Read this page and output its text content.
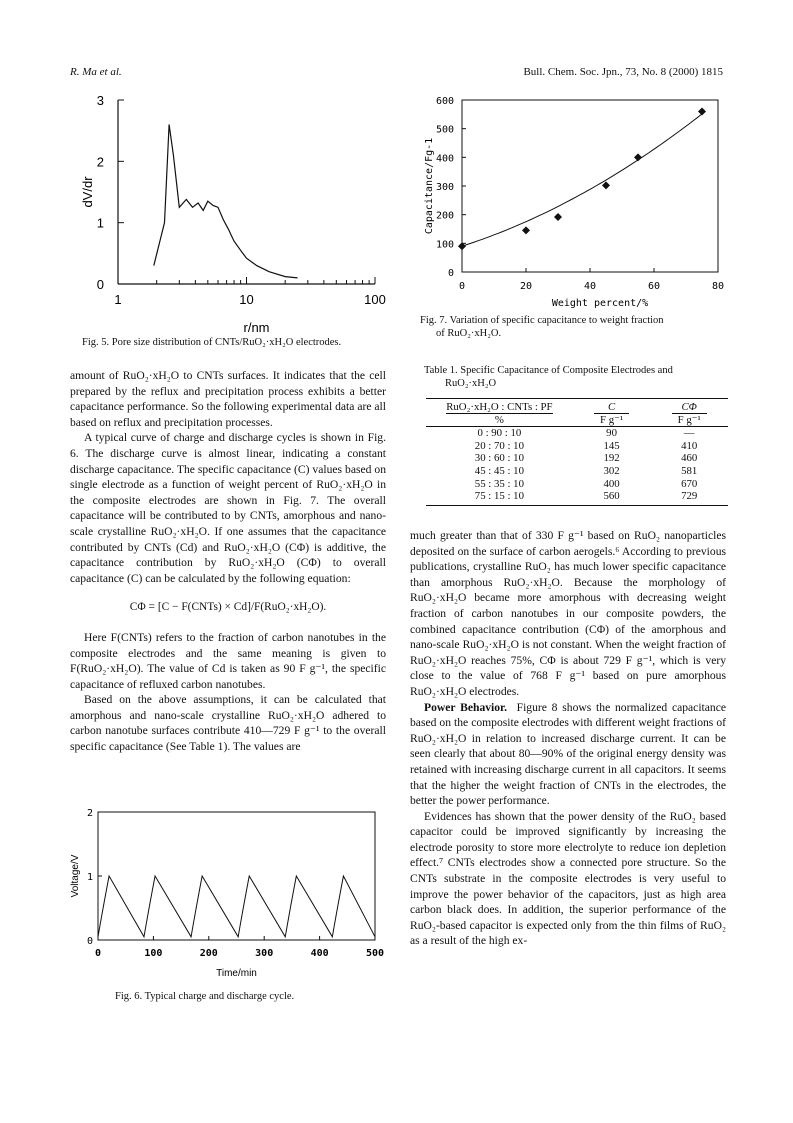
R. Ma et al.	Bull. Chem. Soc. Jpn., 73, No. 8 (2000) 1815
0
1
2
3
1	10	100
dV/dr
r/nm
Fig. 5. Pore size distribution of CNTs/RuO₂·xH₂O electrodes.
0
100
200
300
400
500
600
0	20	40	60	80
Capacitance/Fg-1
Weight percent/%
Fig. 7. Variation of specific capacitance to weight fraction
of RuO₂·xH₂O.
Table 1. Specific Capacitance of Composite Electrodes and
RuO₂·xH₂O
RuO₂·xH₂O : CNTs : PF	C	CΦ
%	F g⁻¹	F g⁻¹

0 : 90 : 10	90	—
20 : 70 : 10	145	410
30 : 60 : 10	192	460
45 : 45 : 10	302	581
55 : 35 : 10	400	670
75 : 15 : 10	560	729

amount of RuO₂·xH₂O to CNTs surfaces. It indicates that the cell prepared by the reflux and precipitation process exhibits a better capacitance performance. So the following experimental data are all based on reflux and precipitation processes.

A typical curve of charge and discharge cycles is shown in Fig. 6. The discharge curve is almost linear, indicating a constant discharge capacitance. The specific capacitance (C) values based on single electrode as a function of weight percent of RuO₂·xH₂O in the composite electrodes are shown in Fig. 7. The overall capacitance will be contributed to by CNTs, amorphous and nano-scale crystalline RuO₂·xH₂O. If one assumes that the capacitance contributed by CNTs (Cd) and RuO₂·xH₂O (CΦ) is additive, the capacitance contribution by RuO₂·xH₂O (CΦ) to overall capacitance (C) can be calculated by the following equation:

CΦ = [C − F(CNTs) × Cd]/F(RuO₂·xH₂O).

Here F(CNTs) refers to the fraction of carbon nanotubes in the composite electrodes and the same meaning is given to F(RuO₂·xH₂O). The value of Cd is taken as 90 F g⁻¹, the specific capacitance of refluxed carbon nanotubes.

Based on the above assumptions, it can be calculated that amorphous and nano-scale crystalline RuO₂·xH₂O adhered to carbon nanotube surfaces contribute 410—729 F g⁻¹ to the overall specific capacitance (See Table 1). The values are

0
1
2
0	100	200	300	400	500
Voltage/V
Time/min
Fig. 6. Typical charge and discharge cycle.

much greater than that of 330 F g⁻¹ based on RuO₂ nanoparticles deposited on the surface of carbon aerogels.⁶ According to previous publications, crystalline RuO₂ has much lower specific capacitance than amorphous RuO₂·xH₂O. Because the morphology of RuO₂·xH₂O became more amorphous with decreasing weight fraction of carbon nanotubes in our composite powders, the combined capacitance contribution (CΦ) of the amorphous and nano-scale RuO₂·xH₂O is not constant. When the weight fraction of RuO₂·xH₂O reaches 75%, CΦ is about 729 F g⁻¹, which is very close to the value of 768 F g⁻¹ based on pure amorphous RuO₂·xH₂O electrodes.

Power Behavior. Figure 8 shows the normalized capacitance based on the composite electrodes with different weight fractions of RuO₂·xH₂O in relation to increased discharge current. It can be seen clearly that about 80—90% of the original energy density was retained with increasing discharge current in all capacitors. It seems that the higher the weight fraction of CNTs in the electrodes, the better the power performance.

Evidences has shown that the power density of the RuO₂ based capacitor could be improved significantly by increasing the electrode porosity to store more electrolyte to reduce ion depletion effect.⁷ CNTs electrodes show a connected pore structure. So the CNTs substrate in the composite electrodes is very useful to improve the power behavior of the capacitors, just as high area carbon black does. In addition, the superior performance of the RuO₂-based capacitor is expected only from the thin films of RuO₂ as a result of the high ex-
